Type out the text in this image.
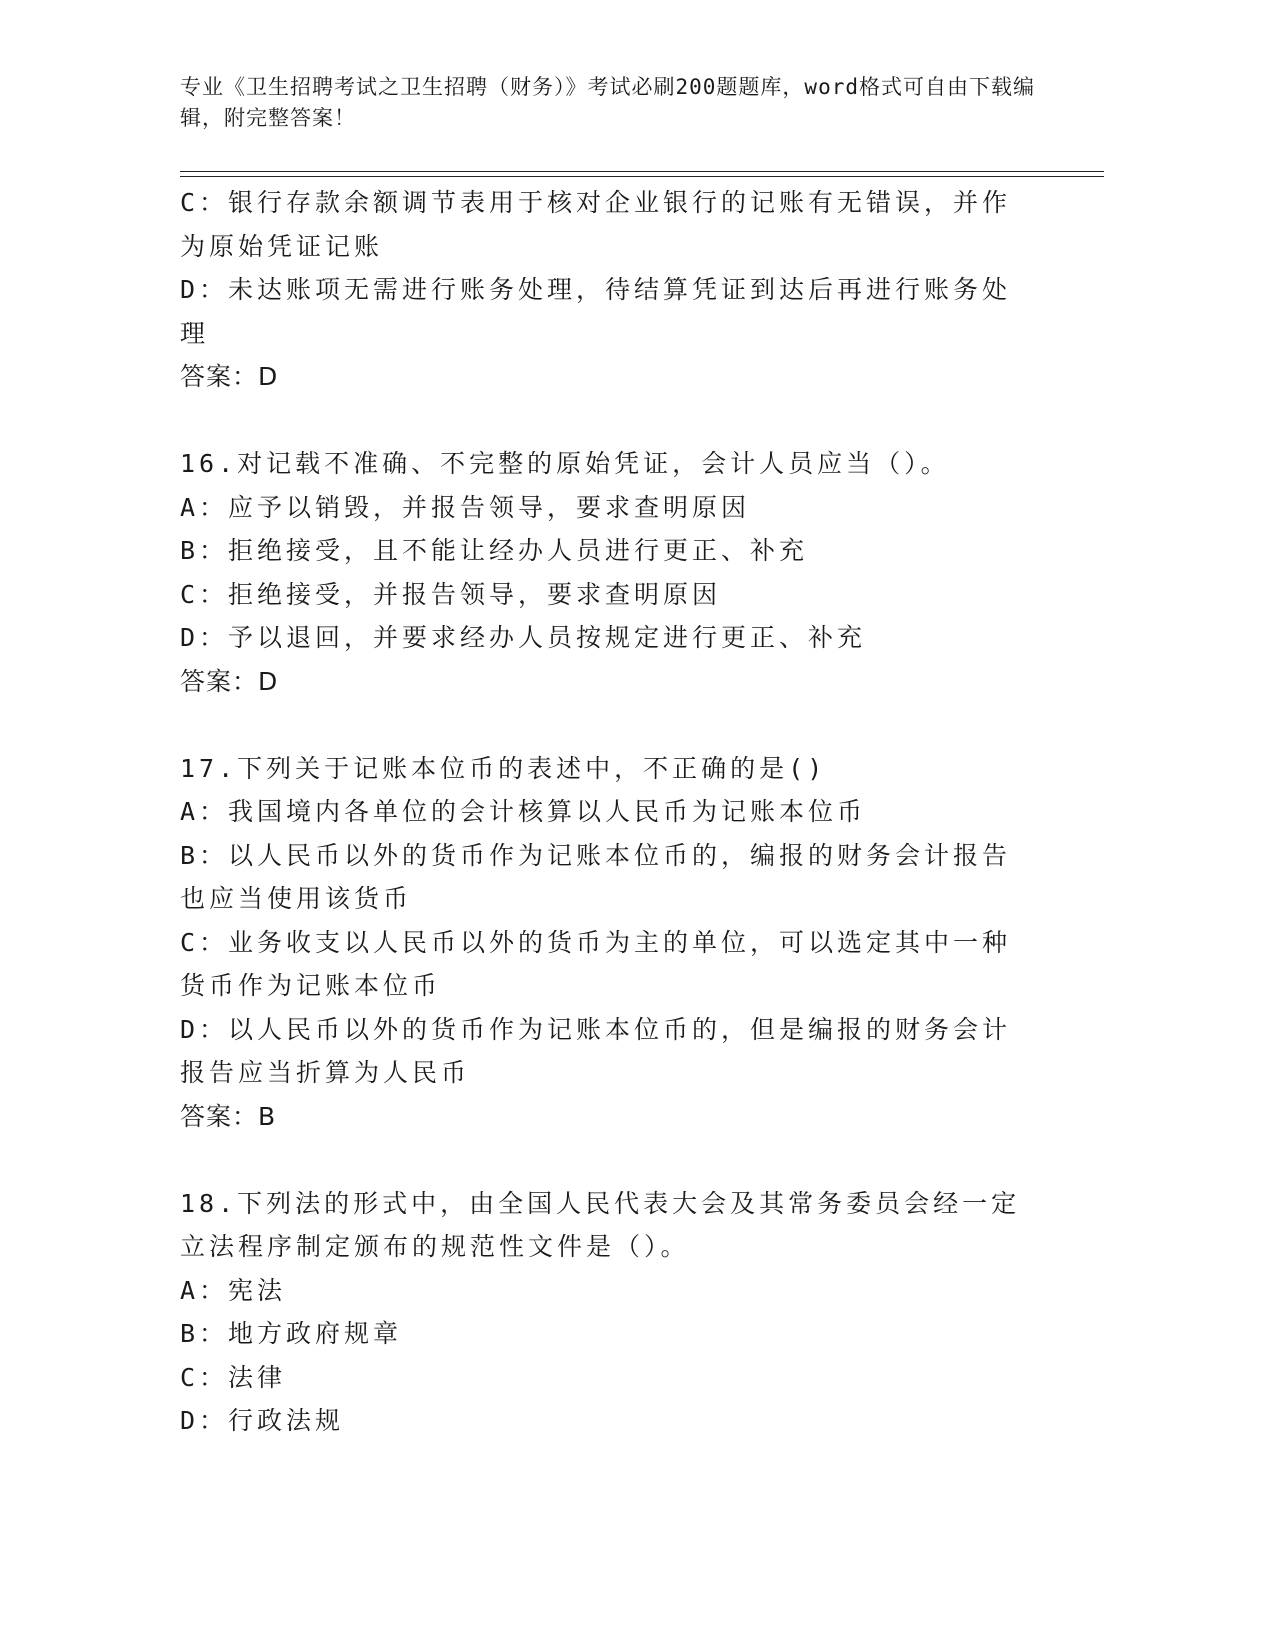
专业《卫生招聘考试之卫生招聘（财务）》考试必刷200题题库，word格式可自由下载编辑，附完整答案！

C：银行存款余额调节表用于核对企业银行的记账有无错误，并作为原始凭证记账

D：未达账项无需进行账务处理，待结算凭证到达后再进行账务处理

答案：D

16.对记载不准确、不完整的原始凭证，会计人员应当（）。

A：应予以销毁，并报告领导，要求查明原因

B：拒绝接受，且不能让经办人员进行更正、补充

C：拒绝接受，并报告领导，要求查明原因

D：予以退回，并要求经办人员按规定进行更正、补充

答案：D

17.下列关于记账本位币的表述中，不正确的是()

A：我国境内各单位的会计核算以人民币为记账本位币

B：以人民币以外的货币作为记账本位币的，编报的财务会计报告也应当使用该货币

C：业务收支以人民币以外的货币为主的单位，可以选定其中一种货币作为记账本位币

D：以人民币以外的货币作为记账本位币的，但是编报的财务会计报告应当折算为人民币

答案：B

18.下列法的形式中，由全国人民代表大会及其常务委员会经一定立法程序制定颁布的规范性文件是（）。

A：宪法

B：地方政府规章

C：法律

D：行政法规
